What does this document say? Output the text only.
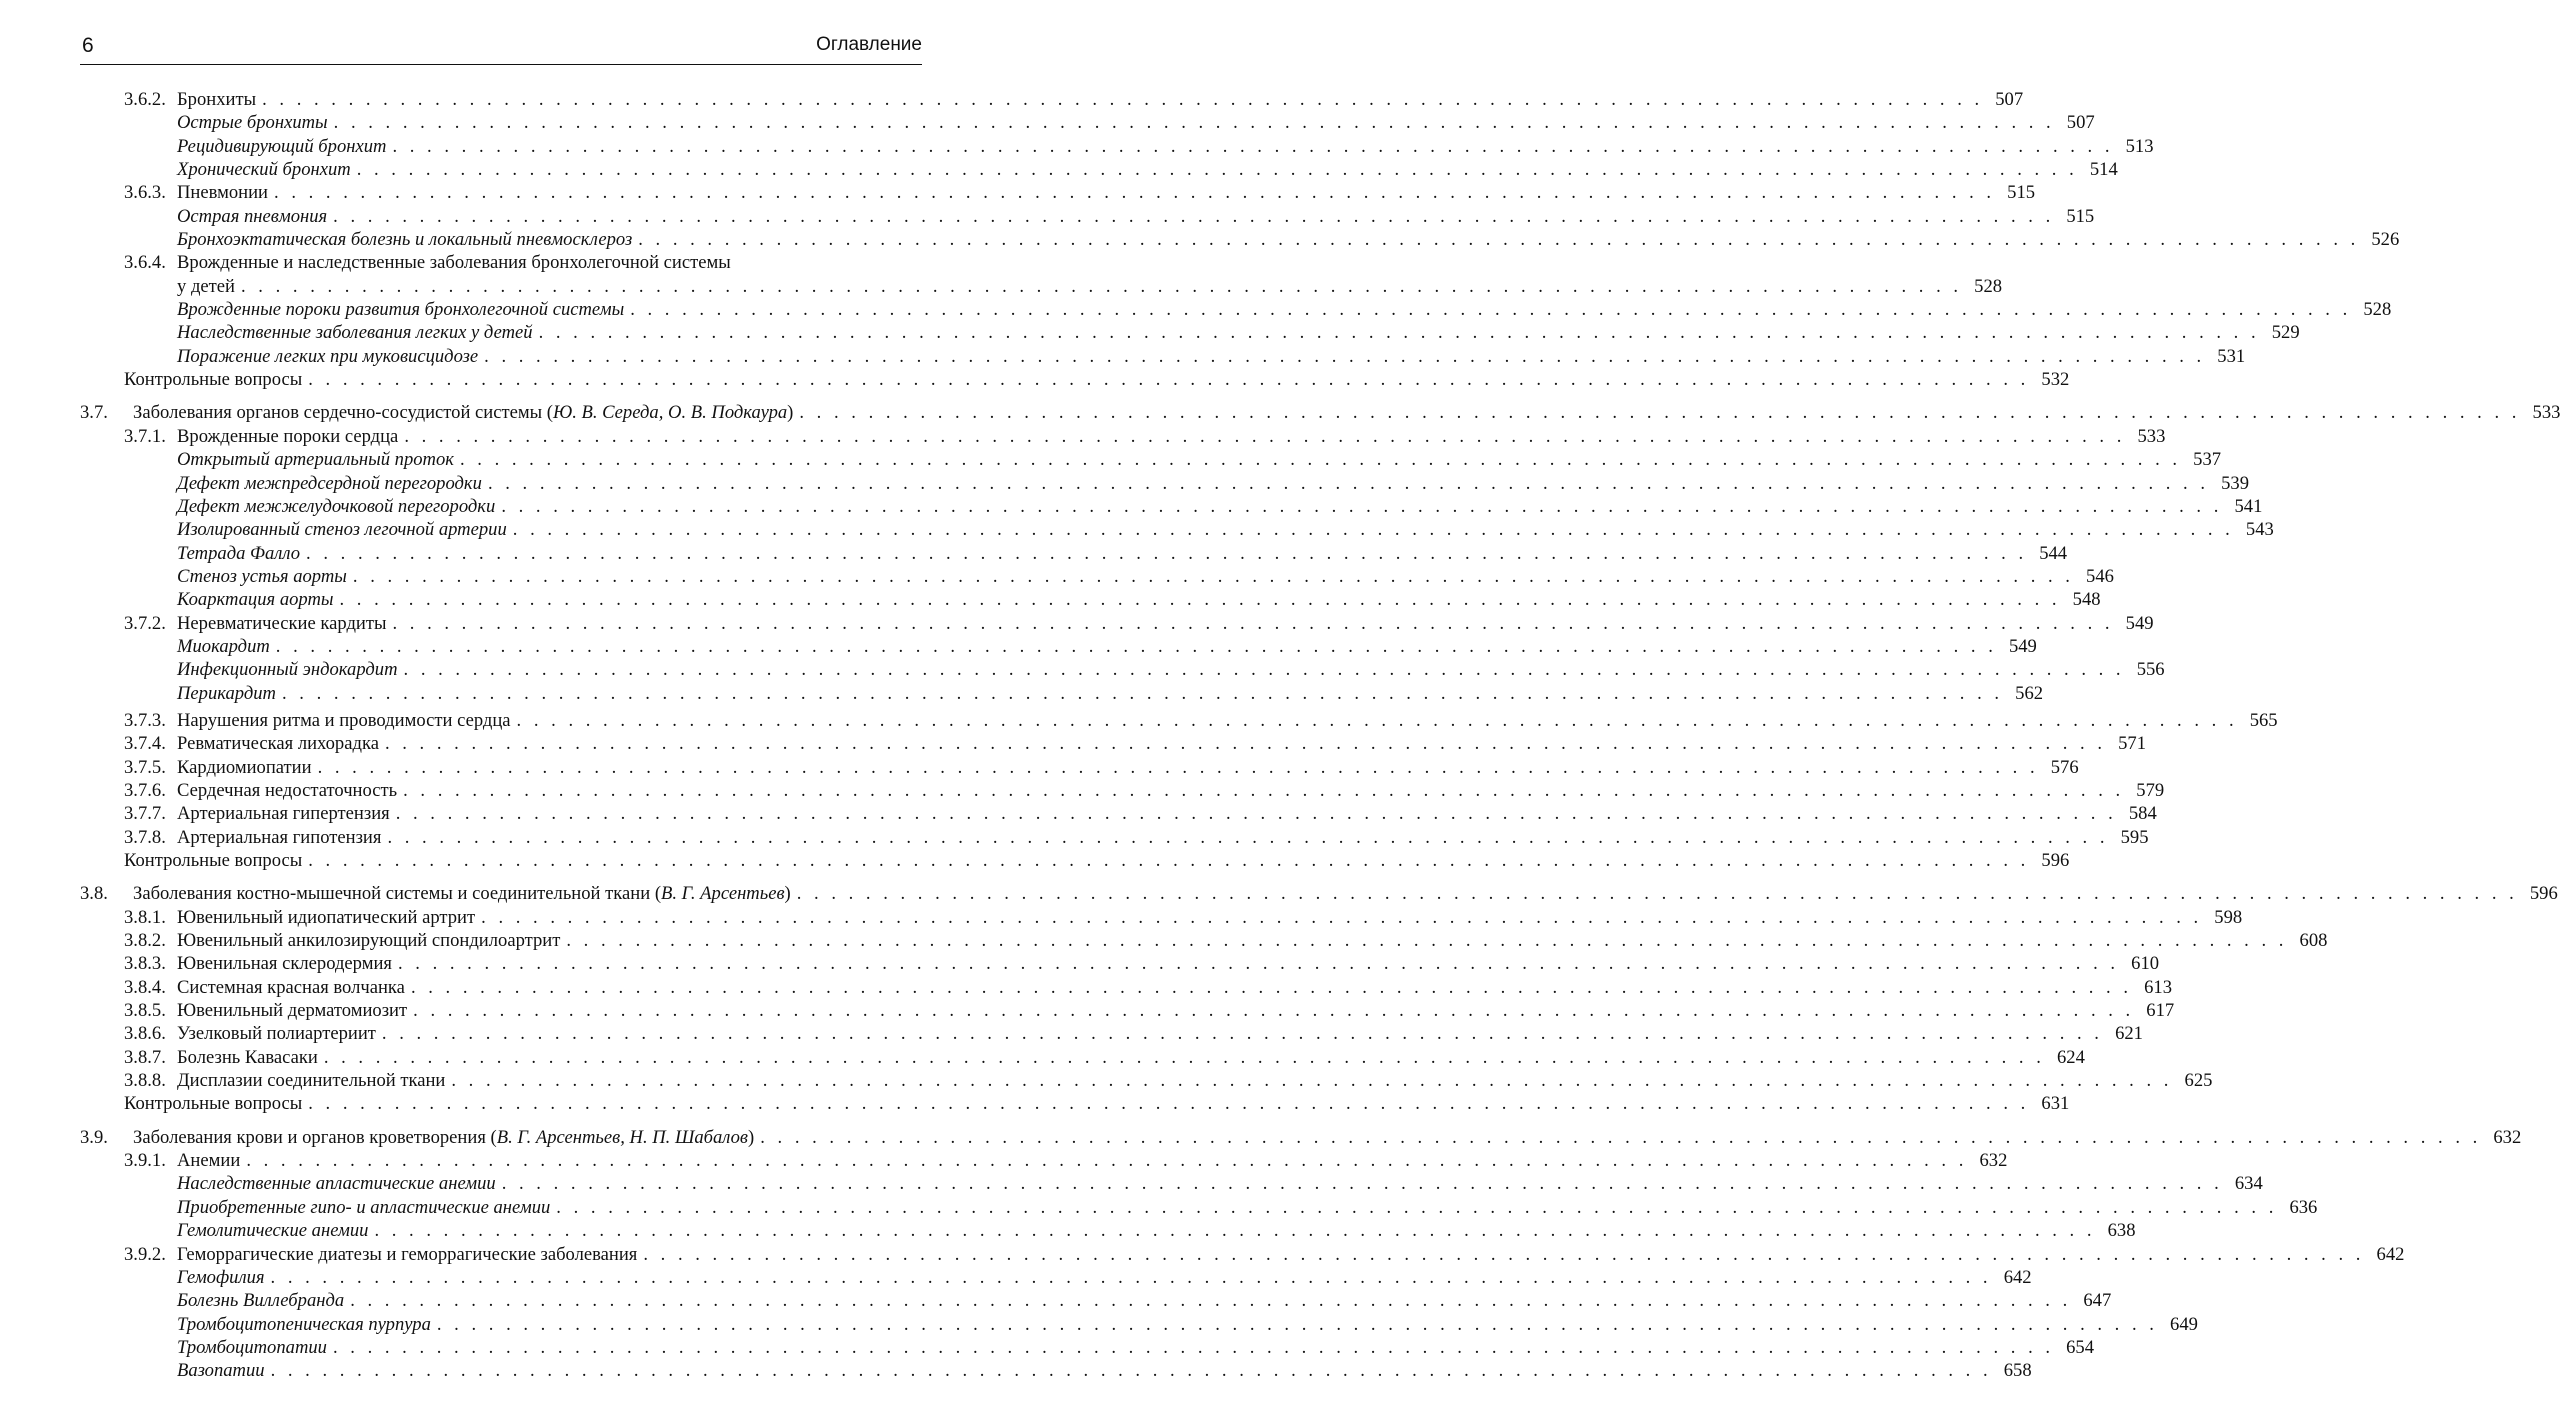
6	Оглавление
3.6.2. Бронхиты . . .	507
Острые бронхиты . . .	507
Рецидивирующий бронхит . . .	513
Хронический бронхит . . .	514
3.6.3. Пневмонии . . .	515
Острая пневмония . . .	515
Бронхоэктатическая болезнь и локальный пневмосклероз . . .	526
3.6.4. Врожденные и наследственные заболевания бронхолегочной системы
у детей . . .	528
Врожденные пороки развития бронхолегочной системы . . .	528
Наследственные заболевания легких у детей . . .	529
Поражение легких при муковисцидозе . . .	531
Контрольные вопросы . . .	532
3.7.	Заболевания органов сердечно-сосудистой системы (Ю. В. Середа, О. В. Подкаура) . . .	533
3.7.1. Врожденные пороки сердца . . .	533
Открытый артериальный проток . . .	537
Дефект межпредсердной перегородки . . .	539
Дефект межжелудочковой перегородки . . .	541
Изолированный стеноз легочной артерии . . .	543
Тетрада Фалло . . .	544
Стеноз устья аорты . . .	546
Коарктация аорты . . .	548
3.7.2. Неревматические кардиты . . .	549
Миокардит . . .	549
Инфекционный эндокардит . . .	556
Перикардит . . .	562
3.7.3. Нарушения ритма и проводимости сердца . . .	565
3.7.4. Ревматическая лихорадка . . .	571
3.7.5. Кардиомиопатии . . .	576
3.7.6. Сердечная недостаточность . . .	579
3.7.7. Артериальная гипертензия . . .	584
3.7.8. Артериальная гипотензия . . .	595
Контрольные вопросы . . .	596
3.8.	Заболевания костно-мышечной системы и соединительной ткани (В. Г. Арсентьев) . . .	596
3.8.1. Ювенильный идиопатический артрит . . .	598
3.8.2. Ювенильный анкилозирующий спондилоартрит . . .	608
3.8.3. Ювенильная склеродермия . . .	610
3.8.4. Системная красная волчанка . . .	613
3.8.5. Ювенильный дерматомиозит . . .	617
3.8.6. Узелковый полиартериит . . .	621
3.8.7. Болезнь Кавасаки . . .	624
3.8.8. Дисплазии соединительной ткани . . .	625
Контрольные вопросы . . .	631
3.9.	Заболевания крови и органов кроветворения (В. Г. Арсентьев, Н. П. Шабалов) . . .	632
3.9.1. Анемии . . .	632
Наследственные апластические анемии . . .	634
Приобретенные гипо- и апластические анемии . . .	636
Гемолитические анемии . . .	638
3.9.2. Геморрагические диатезы и геморрагические заболевания . . .	642
Гемофилия . . .	642
Болезнь Виллебранда . . .	647
Тромбоцитопеническая пурпура . . .	649
Тромбоцитопатии . . .	654
Вазопатии . . .	658
